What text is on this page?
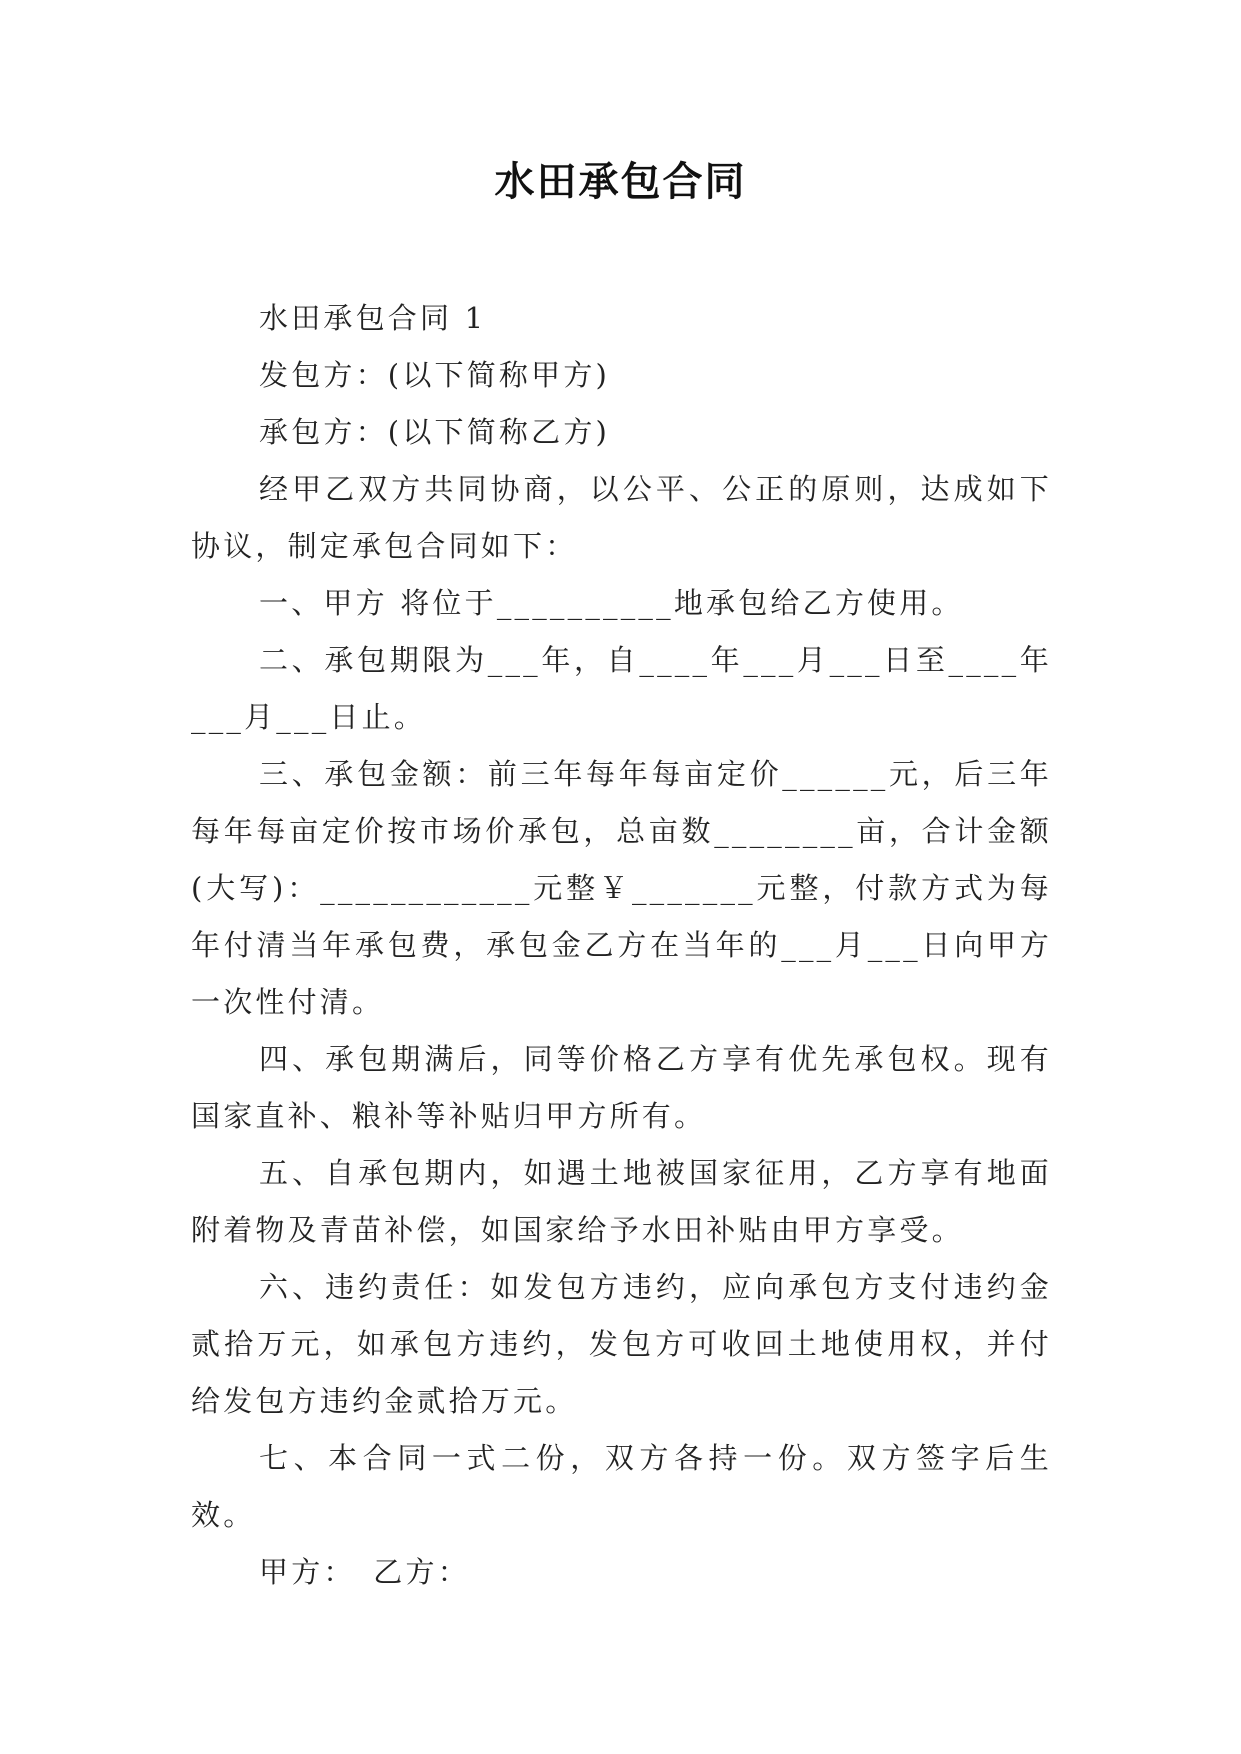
水田承包合同

水田承包合同 1

发包方：(以下简称甲方)

承包方：(以下简称乙方)

经甲乙双方共同协商，以公平、公正的原则，达成如下协议，制定承包合同如下：

一、甲方 将位于__________地承包给乙方使用。

二、承包期限为___年，自____年___月___日至____年___月___日止。

三、承包金额：前三年每年每亩定价______元，后三年每年每亩定价按市场价承包，总亩数________亩，合计金额(大写)：____________元整￥_______元整，付款方式为每年付清当年承包费，承包金乙方在当年的___月___日向甲方一次性付清。

四、承包期满后，同等价格乙方享有优先承包权。现有国家直补、粮补等补贴归甲方所有。

五、自承包期内，如遇土地被国家征用，乙方享有地面附着物及青苗补偿，如国家给予水田补贴由甲方享受。

六、违约责任：如发包方违约，应向承包方支付违约金贰拾万元，如承包方违约，发包方可收回土地使用权，并付给发包方违约金贰拾万元。

七、本合同一式二份，双方各持一份。双方签字后生效。

甲方：　乙方：
